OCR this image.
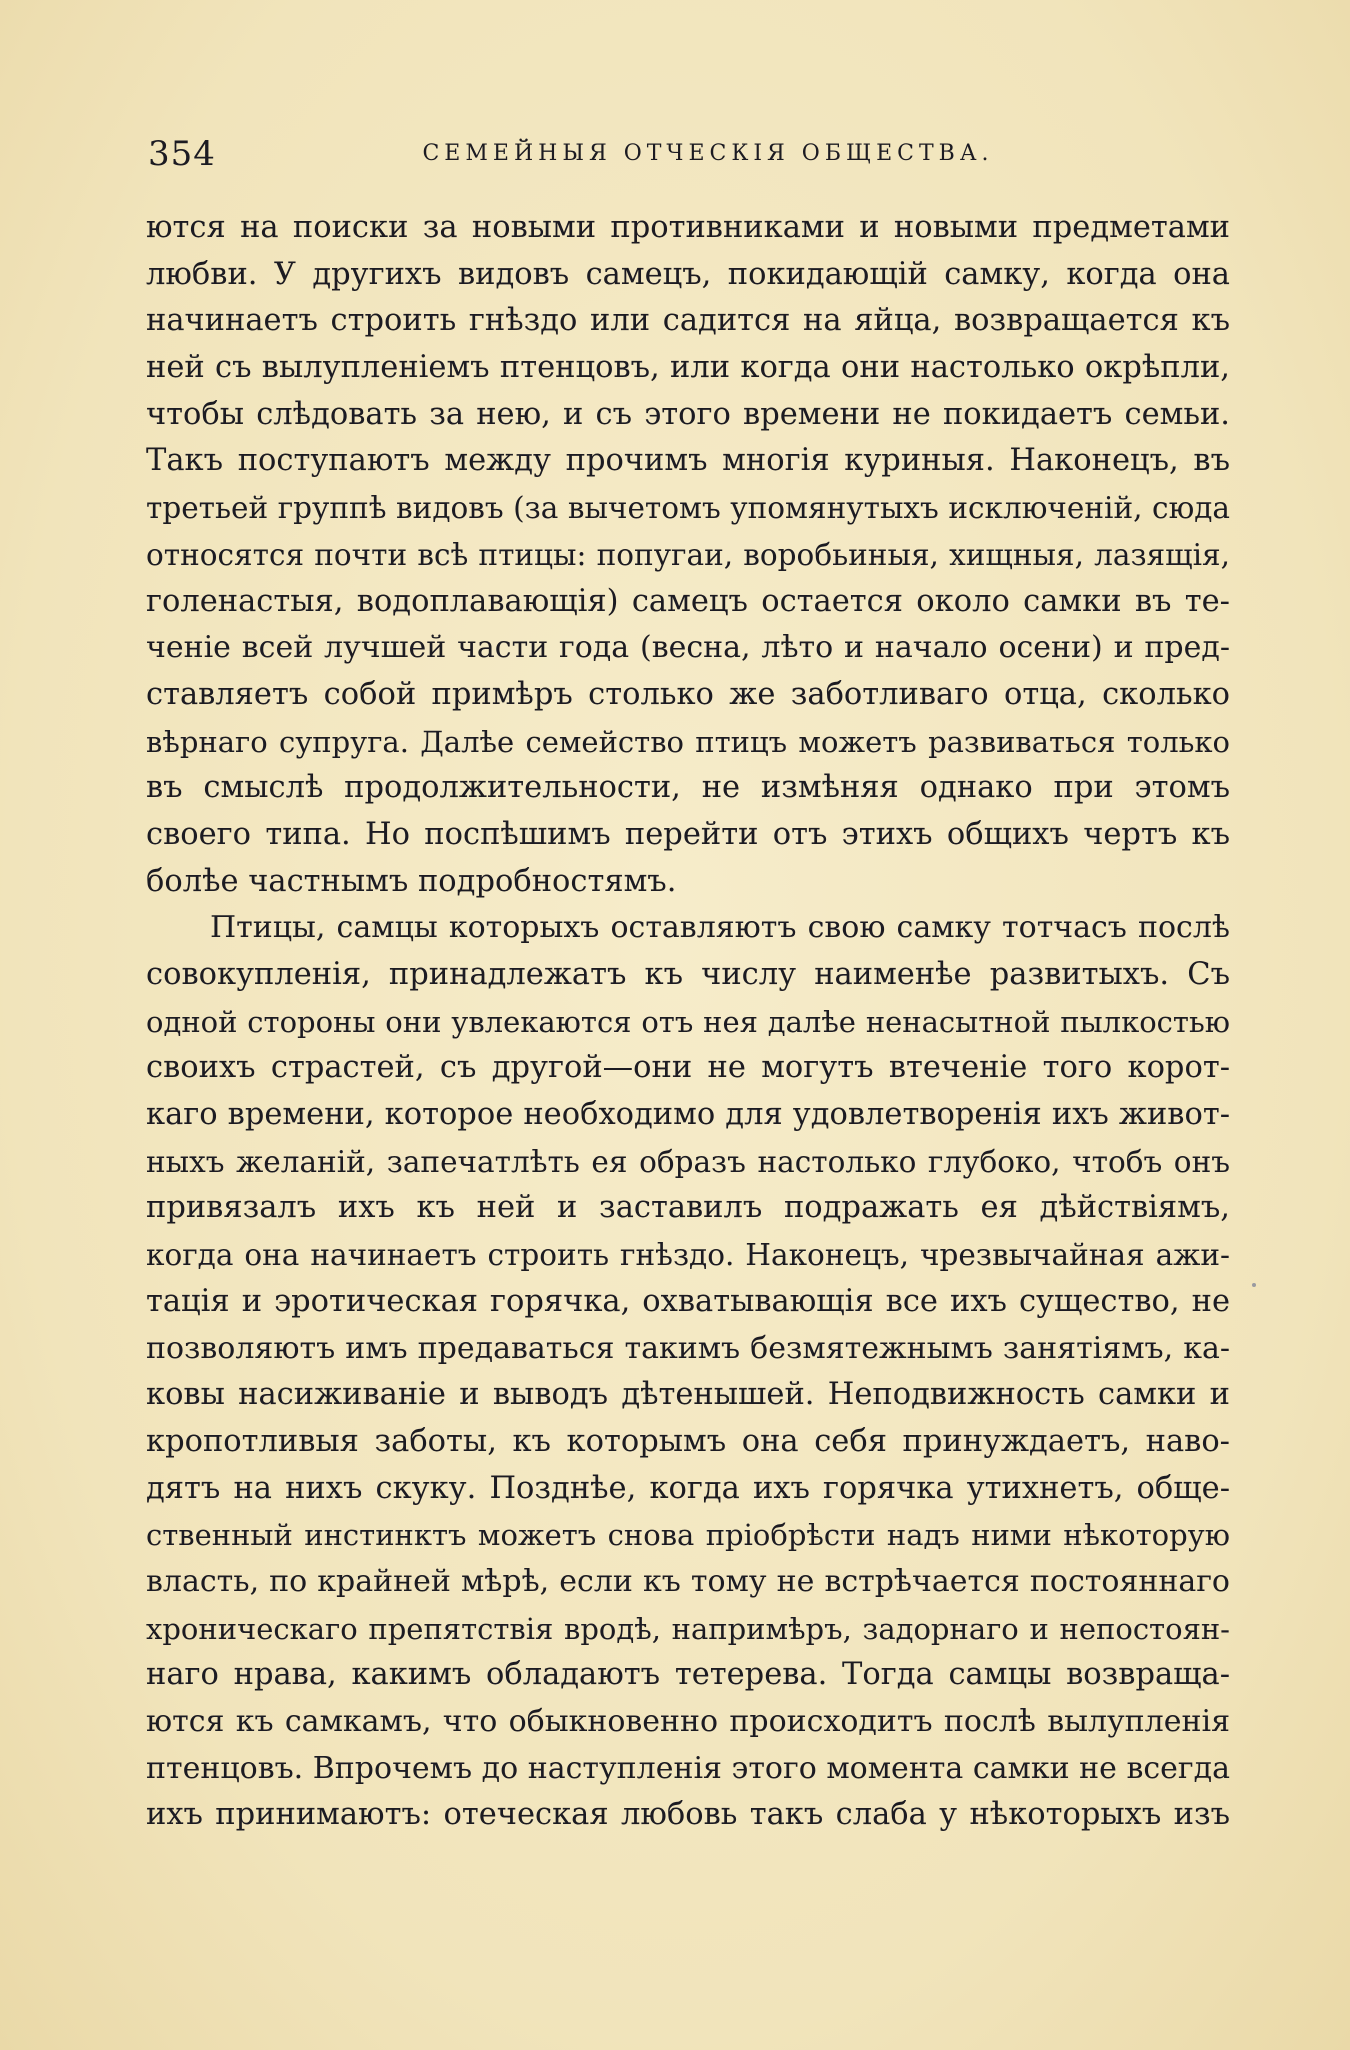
354	СЕМЕЙНЫЯ ОТЧЕСКІЯ ОБЩЕСТВА.
ются на поиски за новыми противниками и новыми предметами
любви. У другихъ видовъ самецъ, покидающій самку, когда она
начинаетъ строить гнѣздо или садится на яйца, возвращается къ
ней съ вылупленіемъ птенцовъ, или когда они настолько окрѣпли,
чтобы слѣдовать за нею, и съ этого времени не покидаетъ семьи.
Такъ поступаютъ между прочимъ многія куриныя. Наконецъ, въ
третьей группѣ видовъ (за вычетомъ упомянутыхъ исключеній, сюда
относятся почти всѣ птицы: попугаи, воробьиныя, хищныя, лазящія,
голенастыя, водоплавающія) самецъ остается около самки въ те-
ченіе всей лучшей части года (весна, лѣто и начало осени) и пред-
ставляетъ собой примѣръ столько же заботливаго отца, сколько
вѣрнаго супруга. Далѣе семейство птицъ можетъ развиваться только
въ смыслѣ продолжительности, не измѣняя однако при этомъ
своего типа. Но поспѣшимъ перейти отъ этихъ общихъ чертъ къ
болѣе частнымъ подробностямъ.
Птицы, самцы которыхъ оставляютъ свою самку тотчасъ послѣ
совокупленія, принадлежатъ къ числу наименѣе развитыхъ. Съ
одной стороны они увлекаются отъ нея далѣе ненасытной пылкостью
своихъ страстей, съ другой—они не могутъ втеченіе того корот-
каго времени, которое необходимо для удовлетворенія ихъ живот-
ныхъ желаній, запечатлѣть ея образъ настолько глубоко, чтобъ онъ
привязалъ ихъ къ ней и заставилъ подражать ея дѣйствіямъ,
когда она начинаетъ строить гнѣздо. Наконецъ, чрезвычайная ажи-
тація и эротическая горячка, охватывающія все ихъ существо, не
позволяютъ имъ предаваться такимъ безмятежнымъ занятіямъ, ка-
ковы насиживаніе и выводъ дѣтенышей. Неподвижность самки и
кропотливыя заботы, къ которымъ она себя принуждаетъ, наво-
дятъ на нихъ скуку. Позднѣе, когда ихъ горячка утихнетъ, обще-
ственный инстинктъ можетъ снова пріобрѣсти надъ ними нѣкоторую
власть, по крайней мѣрѣ, если къ тому не встрѣчается постояннаго
хроническаго препятствія вродѣ, напримѣръ, задорнаго и непостоян-
наго нрава, какимъ обладаютъ тетерева. Тогда самцы возвраща-
ются къ самкамъ, что обыкновенно происходитъ послѣ вылупленія
птенцовъ. Впрочемъ до наступленія этого момента самки не всегда
ихъ принимаютъ: отеческая любовь такъ слаба у нѣкоторыхъ изъ
